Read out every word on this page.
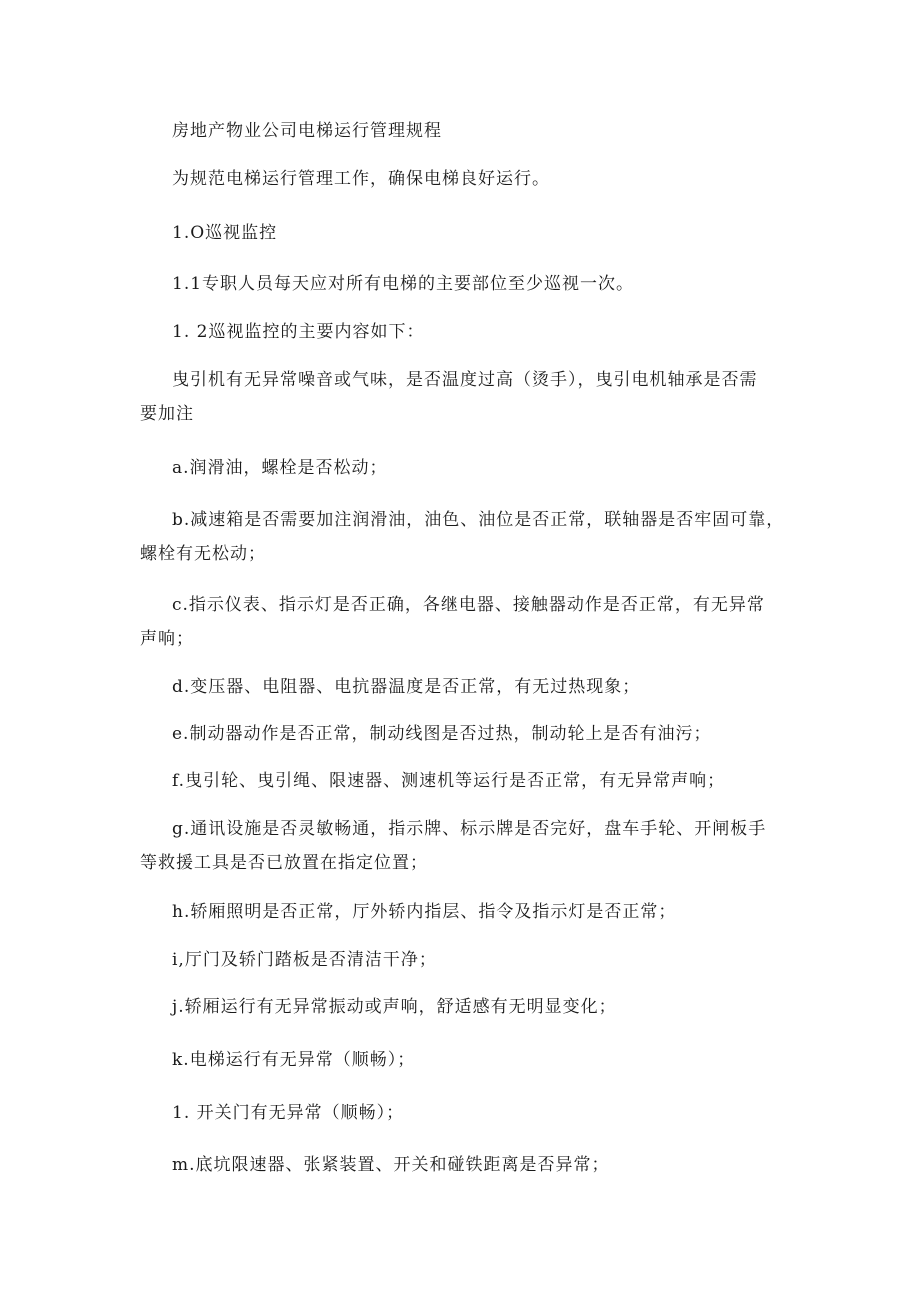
房地产物业公司电梯运行管理规程
为规范电梯运行管理工作，确保电梯良好运行。
1.O巡视监控
1.1专职人员每天应对所有电梯的主要部位至少巡视一次。
1. 2巡视监控的主要内容如下：
曳引机有无异常噪音或气味，是否温度过高（烫手），曳引电机轴承是否需
要加注
a.润滑油，螺栓是否松动；
b.减速箱是否需要加注润滑油，油色、油位是否正常，联轴器是否牢固可靠，
螺栓有无松动；
c.指示仪表、指示灯是否正确，各继电器、接触器动作是否正常，有无异常
声响；
d.变压器、电阻器、电抗器温度是否正常，有无过热现象；
e.制动器动作是否正常，制动线图是否过热，制动轮上是否有油污；
f.曳引轮、曳引绳、限速器、测速机等运行是否正常，有无异常声响；
g.通讯设施是否灵敏畅通，指示牌、标示牌是否完好，盘车手轮、开闸板手
等救援工具是否已放置在指定位置；
h.轿厢照明是否正常，厅外轿内指层、指令及指示灯是否正常；
i,厅门及轿门踏板是否清洁干净；
j.轿厢运行有无异常振动或声响，舒适感有无明显变化；
k.电梯运行有无异常（顺畅）；
1. 开关门有无异常（顺畅）；
m.底坑限速器、张紧装置、开关和碰铁距离是否异常；
